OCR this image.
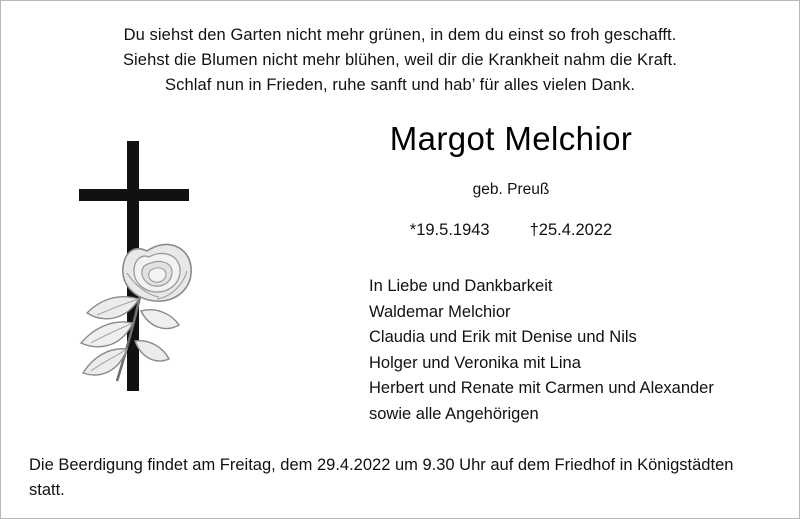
Du siehst den Garten nicht mehr grünen, in dem du einst so froh geschafft.
Siehst die Blumen nicht mehr blühen, weil dir die Krankheit nahm die Kraft.
Schlaf nun in Frieden, ruhe sanft und hab’ für alles vielen Dank.
Margot Melchior
geb. Preuß
*19.5.1943 †25.4.2022
In Liebe und Dankbarkeit
Waldemar Melchior
Claudia und Erik mit Denise und Nils
Holger und Veronika mit Lina
Herbert und Renate mit Carmen und Alexander
sowie alle Angehörigen
Die Beerdigung findet am Freitag, dem 29.4.2022 um 9.30 Uhr auf dem Friedhof in Königstädten
statt.
